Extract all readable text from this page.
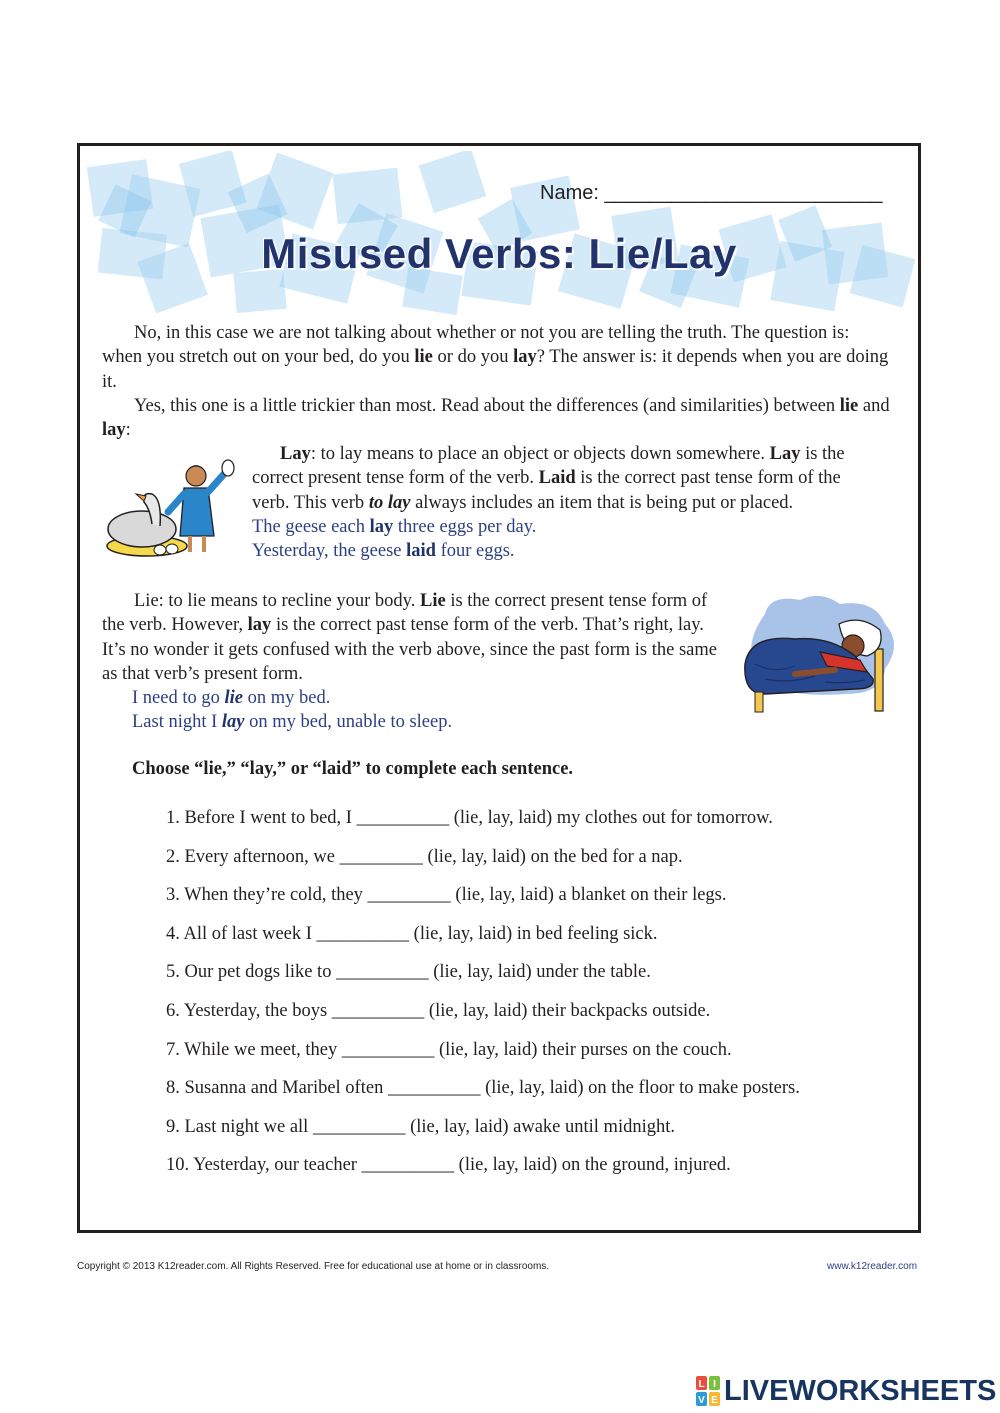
Name: _________________________
Misused Verbs: Lie/Lay
No, in this case we are not talking about whether or not you are telling the truth. The question is: when you stretch out on your bed, do you lie or do you lay? The answer is: it depends when you are doing it.
Yes, this one is a little trickier than most. Read about the differences (and similarities) between lie and lay:
Lay: to lay means to place an object or objects down somewhere. Lay is the correct present tense form of the verb. Laid is the correct past tense form of the verb. This verb to lay always includes an item that is being put or placed.
The geese each lay three eggs per day.
Yesterday, the geese laid four eggs.
Lie: to lie means to recline your body. Lie is the correct present tense form of the verb. However, lay is the correct past tense form of the verb. That’s right, lay. It’s no wonder it gets confused with the verb above, since the past form is the same as that verb’s present form.
I need to go lie on my bed.
Last night I lay on my bed, unable to sleep.
Choose “lie,” “lay,” or “laid” to complete each sentence.
1. Before I went to bed, I __________ (lie, lay, laid) my clothes out for tomorrow.
2. Every afternoon, we _________ (lie, lay, laid) on the bed for a nap.
3. When they’re cold, they _________ (lie, lay, laid) a blanket on their legs.
4. All of last week I __________ (lie, lay, laid) in bed feeling sick.
5. Our pet dogs like to __________ (lie, lay, laid) under the table.
6. Yesterday, the boys __________ (lie, lay, laid) their backpacks outside.
7. While we meet, they __________ (lie, lay, laid) their purses on the couch.
8. Susanna and Maribel often __________ (lie, lay, laid) on the floor to make posters.
9. Last night we all __________ (lie, lay, laid) awake until midnight.
10. Yesterday, our teacher __________ (lie, lay, laid) on the ground, injured.
Copyright © 2013 K12reader.com. All Rights Reserved. Free for educational use at home or in classrooms.	www.k12reader.com
L I
V E LIVEWORKSHEETS
